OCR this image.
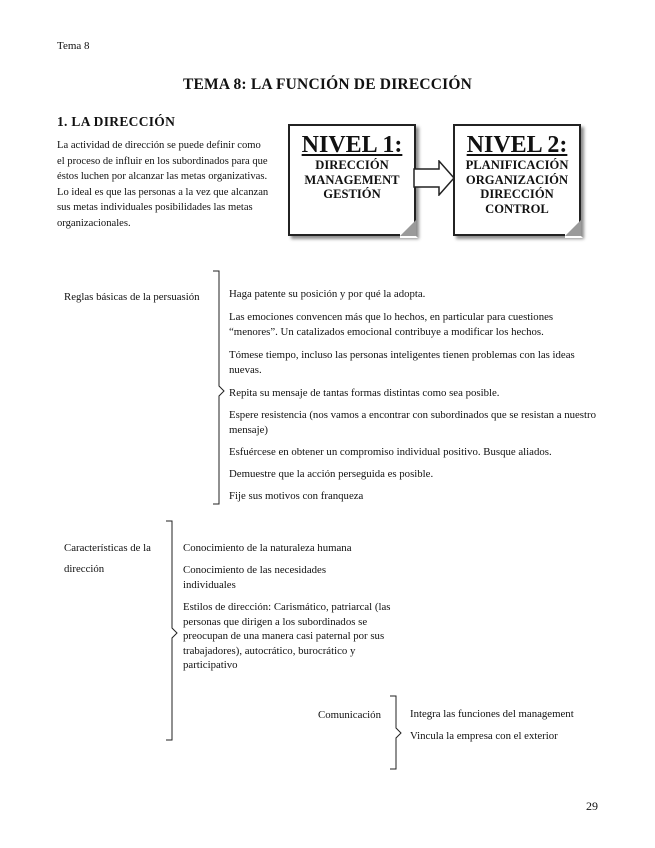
Tema 8
TEMA 8: LA FUNCIÓN DE DIRECCIÓN
1. LA DIRECCIÓN
La actividad de dirección se puede definir como el proceso de influir en los subordinados para que éstos luchen por alcanzar las metas organizativas. Lo ideal es que las personas a la vez que alcanzan sus metas individuales posibilidades las metas organizacionales.
NIVEL 1:
DIRECCIÓN
MANAGEMENT
GESTIÓN
NIVEL 2:
PLANIFICACIÓN
ORGANIZACIÓN
DIRECCIÓN
CONTROL
Reglas básicas de la persuasión	Haga patente su posición y por qué la adopta.
Las emociones convencen más que lo hechos, en particular para cuestiones “menores”. Un catalizados emocional contribuye a modificar los hechos.
Tómese tiempo, incluso las personas inteligentes tienen problemas con las ideas nuevas.
Repita su mensaje de tantas formas distintas como sea posible.
Espere resistencia (nos vamos a encontrar con subordinados que se resistan a nuestro mensaje)
Esfuércese en obtener un compromiso individual positivo. Busque aliados.
Demuestre que la acción perseguida es posible.
Fije sus motivos con franqueza
Características de la
dirección
Conocimiento de la naturaleza humana
Conocimiento de las necesidades individuales
Estilos de dirección: Carismático, patriarcal (las personas que dirigen a los subordinados se preocupan de una manera casi paternal por sus trabajadores), autocrático, burocrático y participativo
Comunicación	Integra las funciones del management
Vincula la empresa con el exterior
29
